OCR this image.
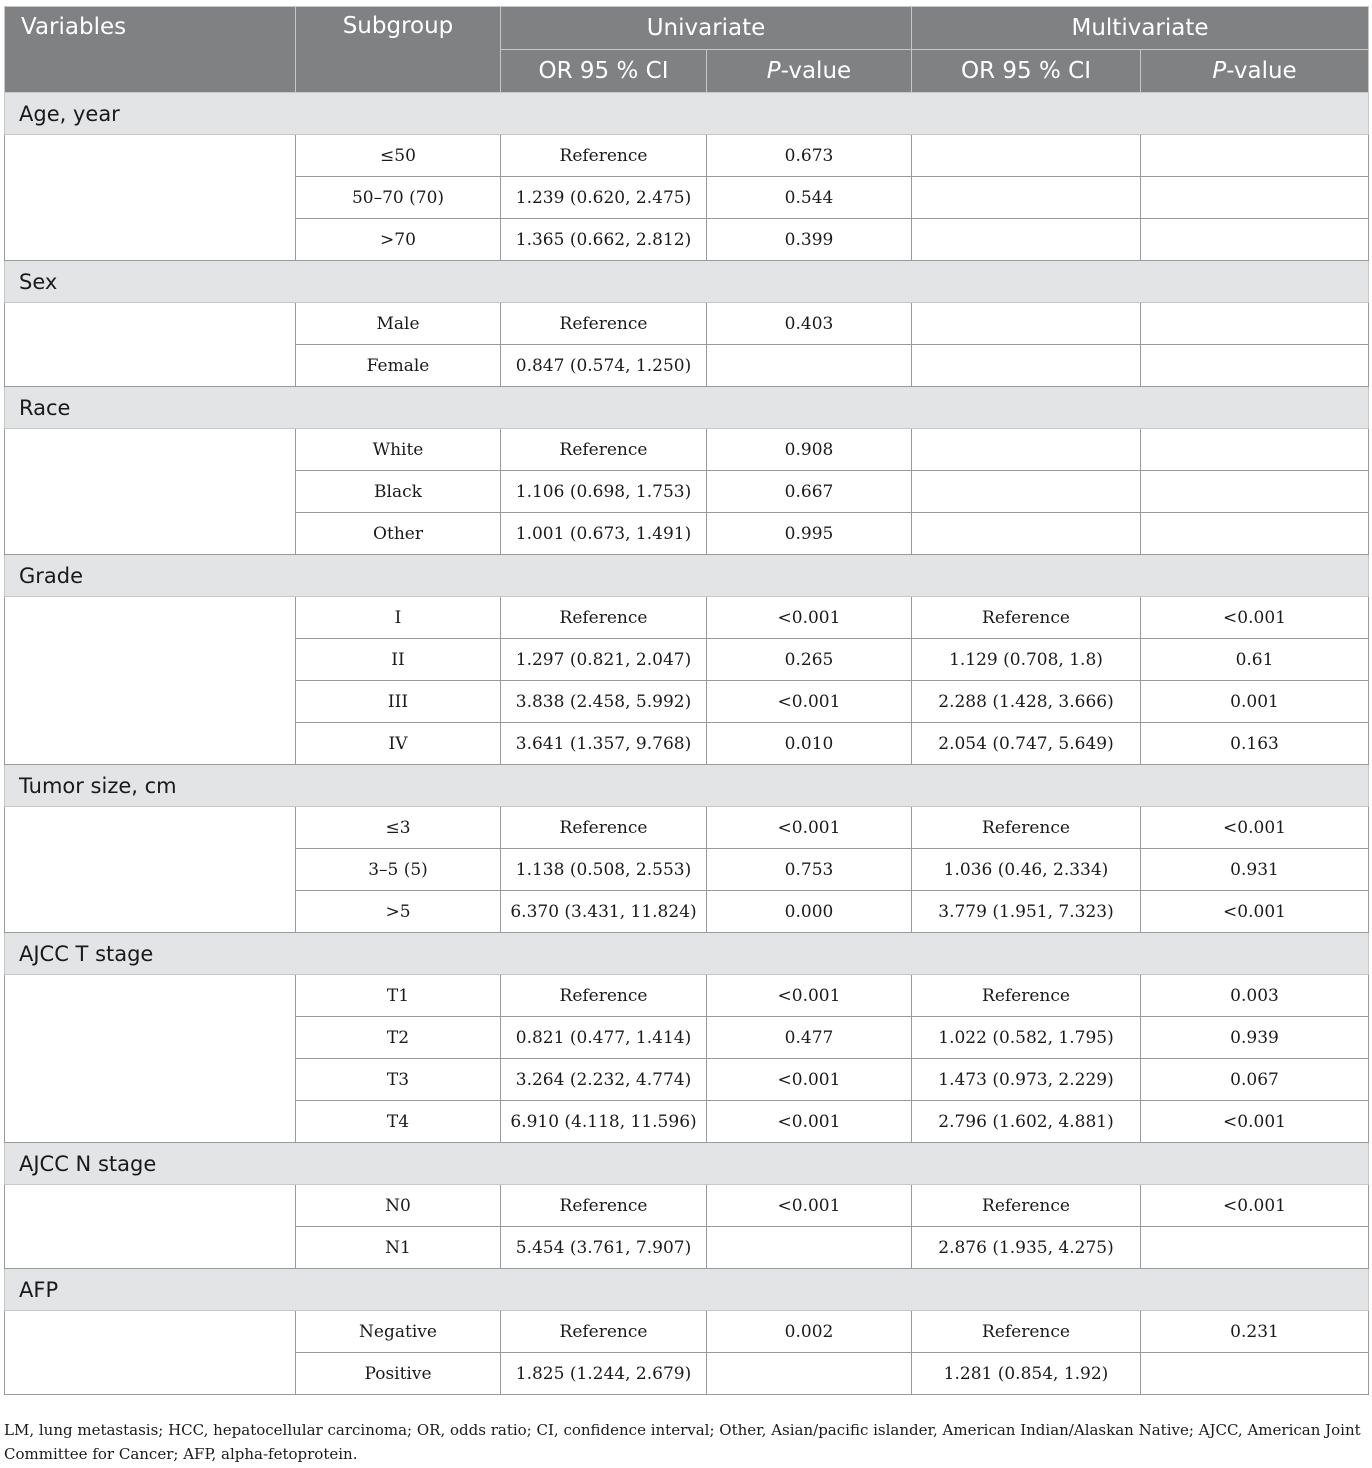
Variables	Subgroup	Univariate		Multivariate	
		OR 95 % CI	P-value	OR 95 % CI	P-value
Age, year					
	≤50	Reference	0.673		
	50–70 (70)	1.239 (0.620, 2.475)	0.544		
	>70	1.365 (0.662, 2.812)	0.399		
Sex					
	Male	Reference	0.403		
	Female	0.847 (0.574, 1.250)			
Race					
	White	Reference	0.908		
	Black	1.106 (0.698, 1.753)	0.667		
	Other	1.001 (0.673, 1.491)	0.995		
Grade					
	I	Reference	<0.001	Reference	<0.001
	II	1.297 (0.821, 2.047)	0.265	1.129 (0.708, 1.8)	0.61
	III	3.838 (2.458, 5.992)	<0.001	2.288 (1.428, 3.666)	0.001
	IV	3.641 (1.357, 9.768)	0.010	2.054 (0.747, 5.649)	0.163
Tumor size, cm					
	≤3	Reference	<0.001	Reference	<0.001
	3–5 (5)	1.138 (0.508, 2.553)	0.753	1.036 (0.46, 2.334)	0.931
	>5	6.370 (3.431, 11.824)	0.000	3.779 (1.951, 7.323)	<0.001
AJCC T stage					
	T1	Reference	<0.001	Reference	0.003
	T2	0.821 (0.477, 1.414)	0.477	1.022 (0.582, 1.795)	0.939
	T3	3.264 (2.232, 4.774)	<0.001	1.473 (0.973, 2.229)	0.067
	T4	6.910 (4.118, 11.596)	<0.001	2.796 (1.602, 4.881)	<0.001
AJCC N stage					
	N0	Reference	<0.001	Reference	<0.001
	N1	5.454 (3.761, 7.907)		2.876 (1.935, 4.275)	
AFP					
	Negative	Reference	0.002	Reference	0.231
	Positive	1.825 (1.244, 2.679)		1.281 (0.854, 1.92)	
LM, lung metastasis; HCC, hepatocellular carcinoma; OR, odds ratio; CI, confidence interval; Other, Asian/pacific islander, American Indian/Alaskan Native; AJCC, American Joint Committee for Cancer; AFP, alpha-fetoprotein.
